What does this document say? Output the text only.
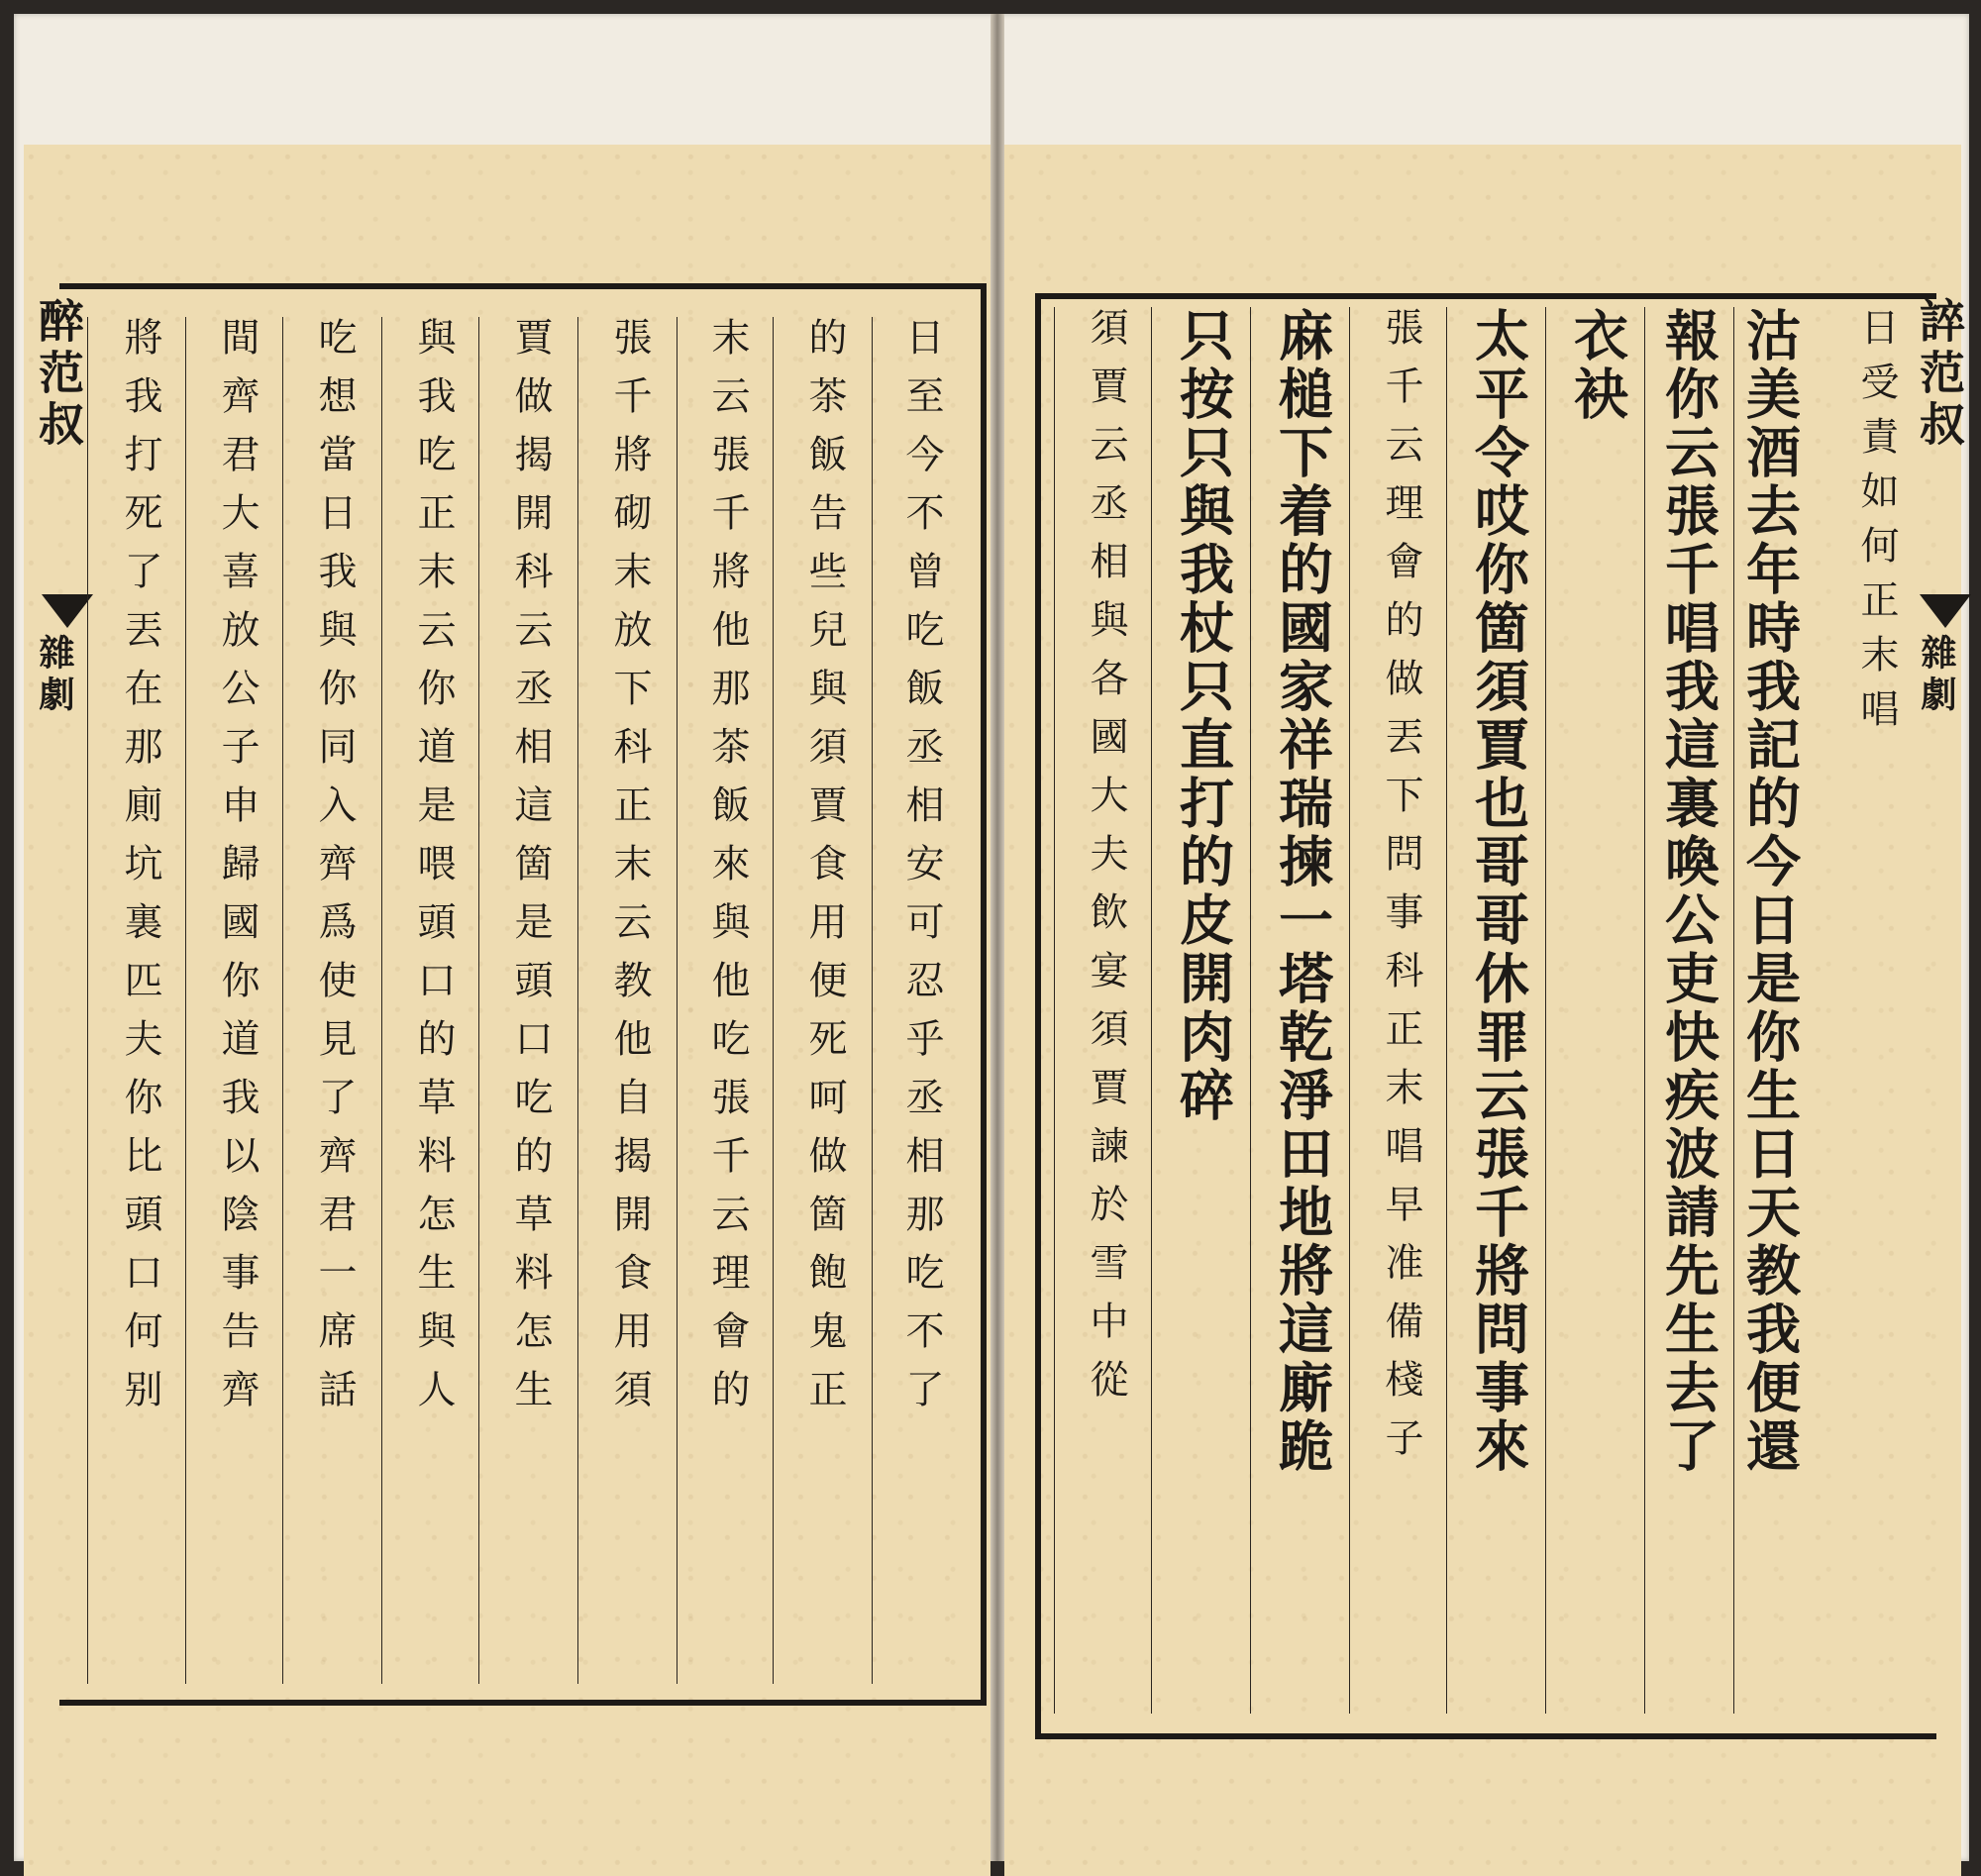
醉范叔
雜劇	日至今不曾吃飯丞相安可忍乎丞相那吃不了
的茶飯告些兒與須賈食用便死呵做箇飽鬼正
末云張千將他那茶飯來與他吃張千云理會的
張千將砌末放下科正末云教他自揭開食用須
賈做揭開科云丞相這箇是頭口吃的草料怎生
與我吃正末云你道是喂頭口的草料怎生與人
吃想當日我與你同入齊爲使見了齊君一席話
間齊君大喜放公子申歸國你道我以陰事告齊
將我打死了丟在那廁坑裏匹夫你比頭口何别	誶范叔
雜劇
日受責如何正末唱
沽美酒去年時我記的今日是你生日天教我便還
報你云張千唱我這裏喚公吏快疾波請先生去了
衣袂
太平令哎你箇須賈也哥哥休罪云張千將問事來
張千云理會的做丟下問事科正末唱早准備棧子
麻槌下着的國家祥瑞揀一塔乾淨田地將這廝跪
只按只與我杖只直打的皮開肉碎
須賈云丞相與各國大夫飲宴須賈諫於雪中從
